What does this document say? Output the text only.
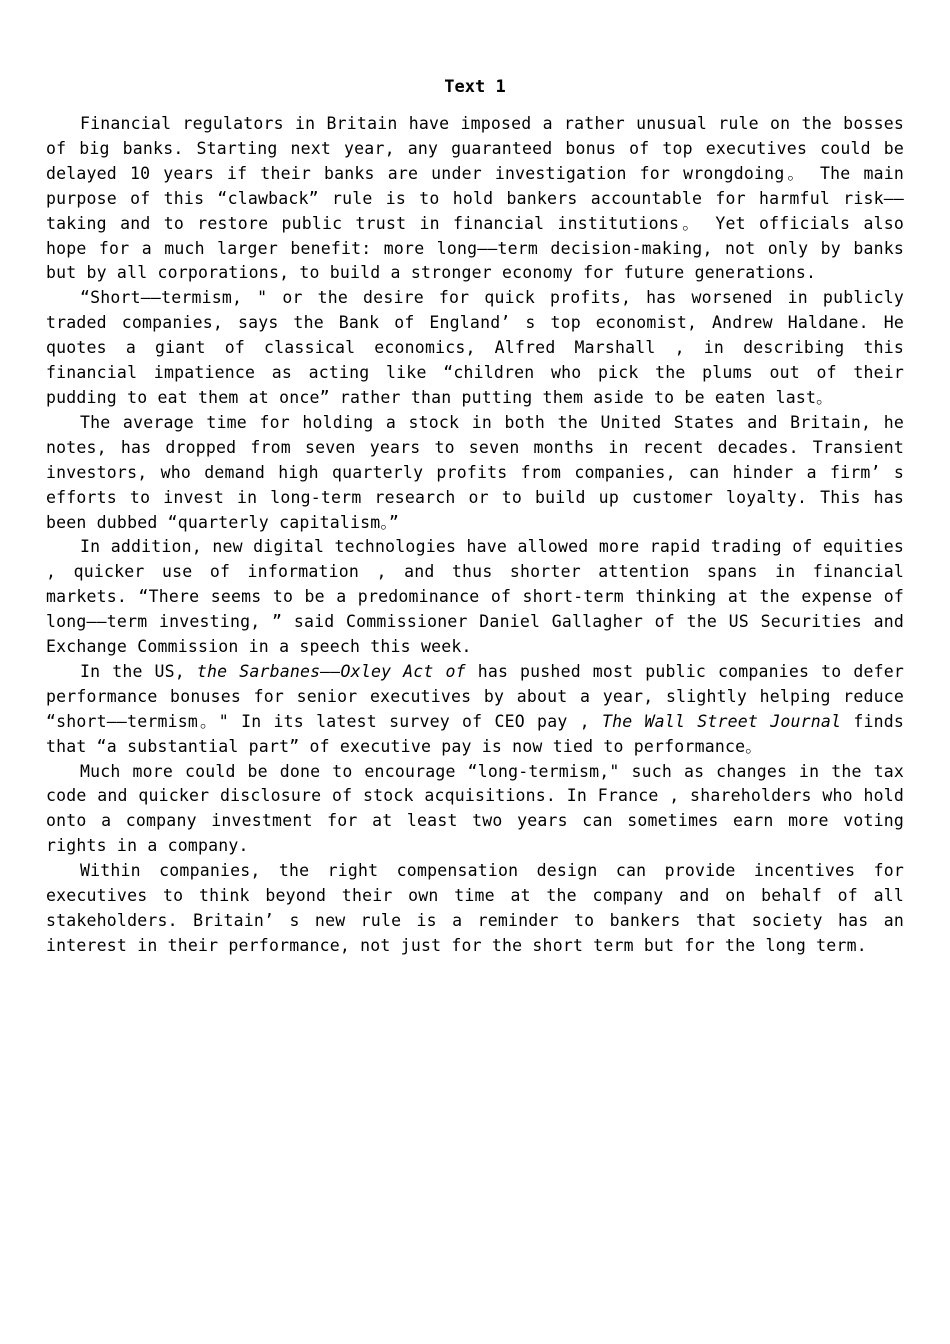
Text 1

Financial regulators in Britain have imposed a rather unusual rule on the bosses of big banks. Starting next year, any guaranteed bonus of top executives could be delayed 10 years if their banks are under investigation for wrongdoing。 The main purpose of this “clawback” rule is to hold bankers accountable for harmful risk——taking and to restore public trust in financial institutions。 Yet officials also hope for a much larger benefit: more long——term decision-making, not only by banks but by all corporations, to build a stronger economy for future generations.

“Short——termism, " or the desire for quick profits, has worsened in publicly traded companies, says the Bank of England’ s top economist, Andrew Haldane. He quotes a giant of classical economics, Alfred Marshall , in describing this financial impatience as acting like “children who pick the plums out of their pudding to eat them at once” rather than putting them aside to be eaten last。

The average time for holding a stock in both the United States and Britain, he notes, has dropped from seven years to seven months in recent decades. Transient investors, who demand high quarterly profits from companies, can hinder a firm’ s efforts to invest in long-term research or to build up customer loyalty. This has been dubbed “quarterly capitalism。”

In addition, new digital technologies have allowed more rapid trading of equities , quicker use of information , and thus shorter attention spans in financial markets. “There seems to be a predominance of short-term thinking at the expense of long——term investing, ” said Commissioner Daniel Gallagher of the US Securities and Exchange Commission in a speech this week.

In the US, the Sarbanes——Oxley Act of has pushed most public companies to defer performance bonuses for senior executives by about a year, slightly helping reduce “short——termism。" In its latest survey of CEO pay , The Wall Street Journal finds that “a substantial part” of executive pay is now tied to performance。

Much more could be done to encourage “long-termism," such as changes in the tax code and quicker disclosure of stock acquisitions. In France , shareholders who hold onto a company investment for at least two years can sometimes earn more voting rights in a company.

Within companies, the right compensation design can provide incentives for executives to think beyond their own time at the company and on behalf of all stakeholders. Britain’ s new rule is a reminder to bankers that society has an interest in their performance, not just for the short term but for the long term.
